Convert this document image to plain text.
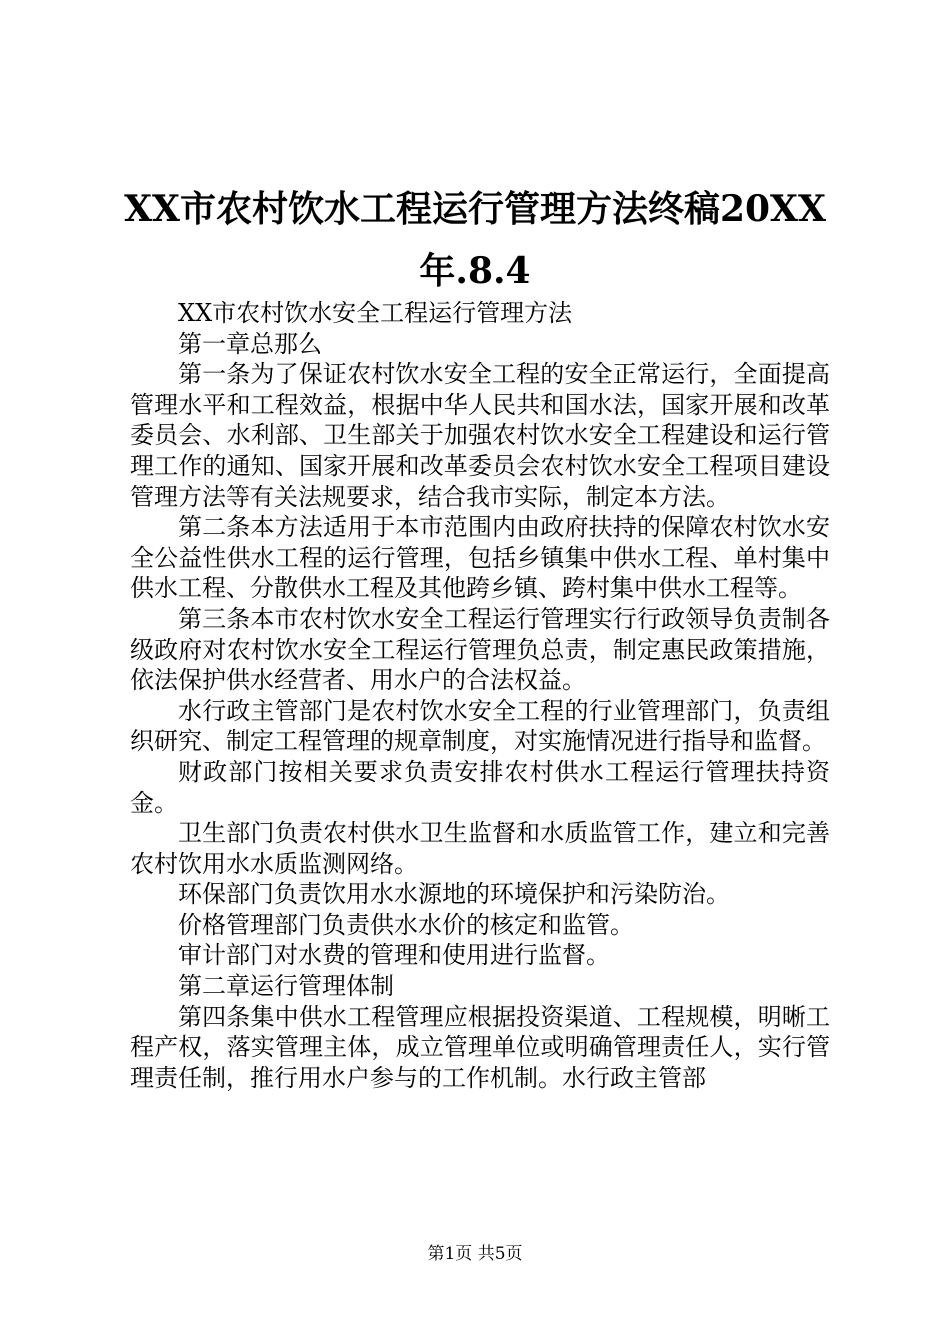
XX市农村饮水工程运行管理方法终稿20XX年.8.4

XX市农村饮水安全工程运行管理方法

第一章总那么

第一条为了保证农村饮水安全工程的安全正常运行，全面提高管理水平和工程效益，根据中华人民共和国水法，国家开展和改革委员会、水利部、卫生部关于加强农村饮水安全工程建设和运行管理工作的通知、国家开展和改革委员会农村饮水安全工程项目建设管理方法等有关法规要求，结合我市实际，制定本方法。

第二条本方法适用于本市范围内由政府扶持的保障农村饮水安全公益性供水工程的运行管理，包括乡镇集中供水工程、单村集中供水工程、分散供水工程及其他跨乡镇、跨村集中供水工程等。

第三条本市农村饮水安全工程运行管理实行行政领导负责制各级政府对农村饮水安全工程运行管理负总责，制定惠民政策措施，依法保护供水经营者、用水户的合法权益。

水行政主管部门是农村饮水安全工程的行业管理部门，负责组织研究、制定工程管理的规章制度，对实施情况进行指导和监督。

财政部门按相关要求负责安排农村供水工程运行管理扶持资金。

卫生部门负责农村供水卫生监督和水质监管工作，建立和完善农村饮用水水质监测网络。

环保部门负责饮用水水源地的环境保护和污染防治。

价格管理部门负责供水水价的核定和监管。

审计部门对水费的管理和使用进行监督。

第二章运行管理体制

第四条集中供水工程管理应根据投资渠道、工程规模，明晰工程产权，落实管理主体，成立管理单位或明确管理责任人，实行管理责任制，推行用水户参与的工作机制。水行政主管部

第1页 共5页
